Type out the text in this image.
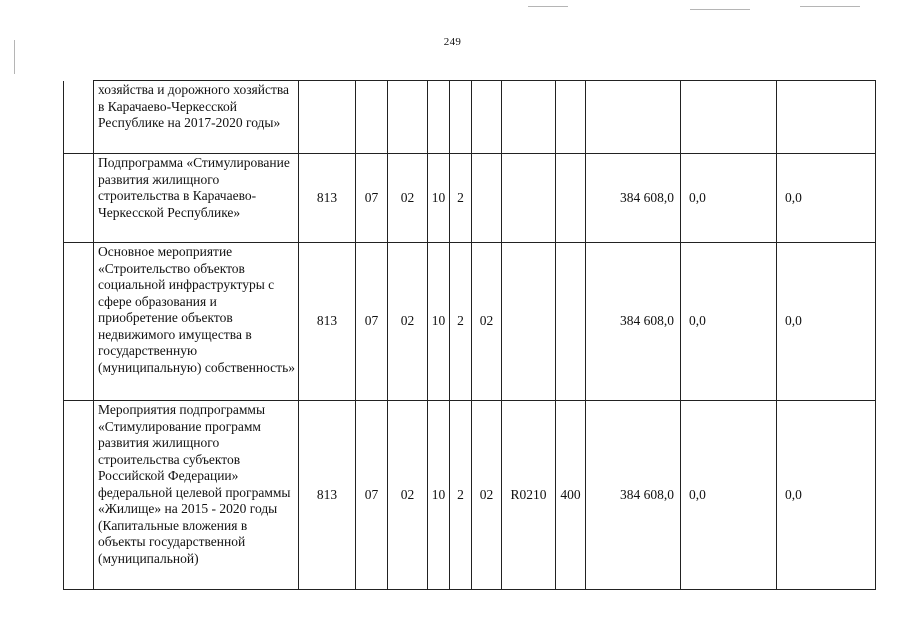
249
	хозяйства и дорожного хозяйства в Карачаево-Черкесской Республике на 2017-2020 годы»											
	Подпрограмма «Стимулирование развития жилищного строительства в Карачаево-Черкесской Республике»	813	07	02	10	2				384 608,0	0,0	0,0
	Основное мероприятие «Строительство объектов социальной инфраструктуры с сфере образования и приобретение объектов недвижимого имущества в государственную (муниципальную) собственность»	813	07	02	10	2	02			384 608,0	0,0	0,0
	Мероприятия подпрограммы «Стимулирование программ развития жилищного строительства субъектов Российской Федерации» федеральной целевой программы «Жилище» на 2015 - 2020 годы (Капитальные вложения в объекты государственной (муниципальной)	813	07	02	10	2	02	R0210	400	384 608,0	0,0	0,0
